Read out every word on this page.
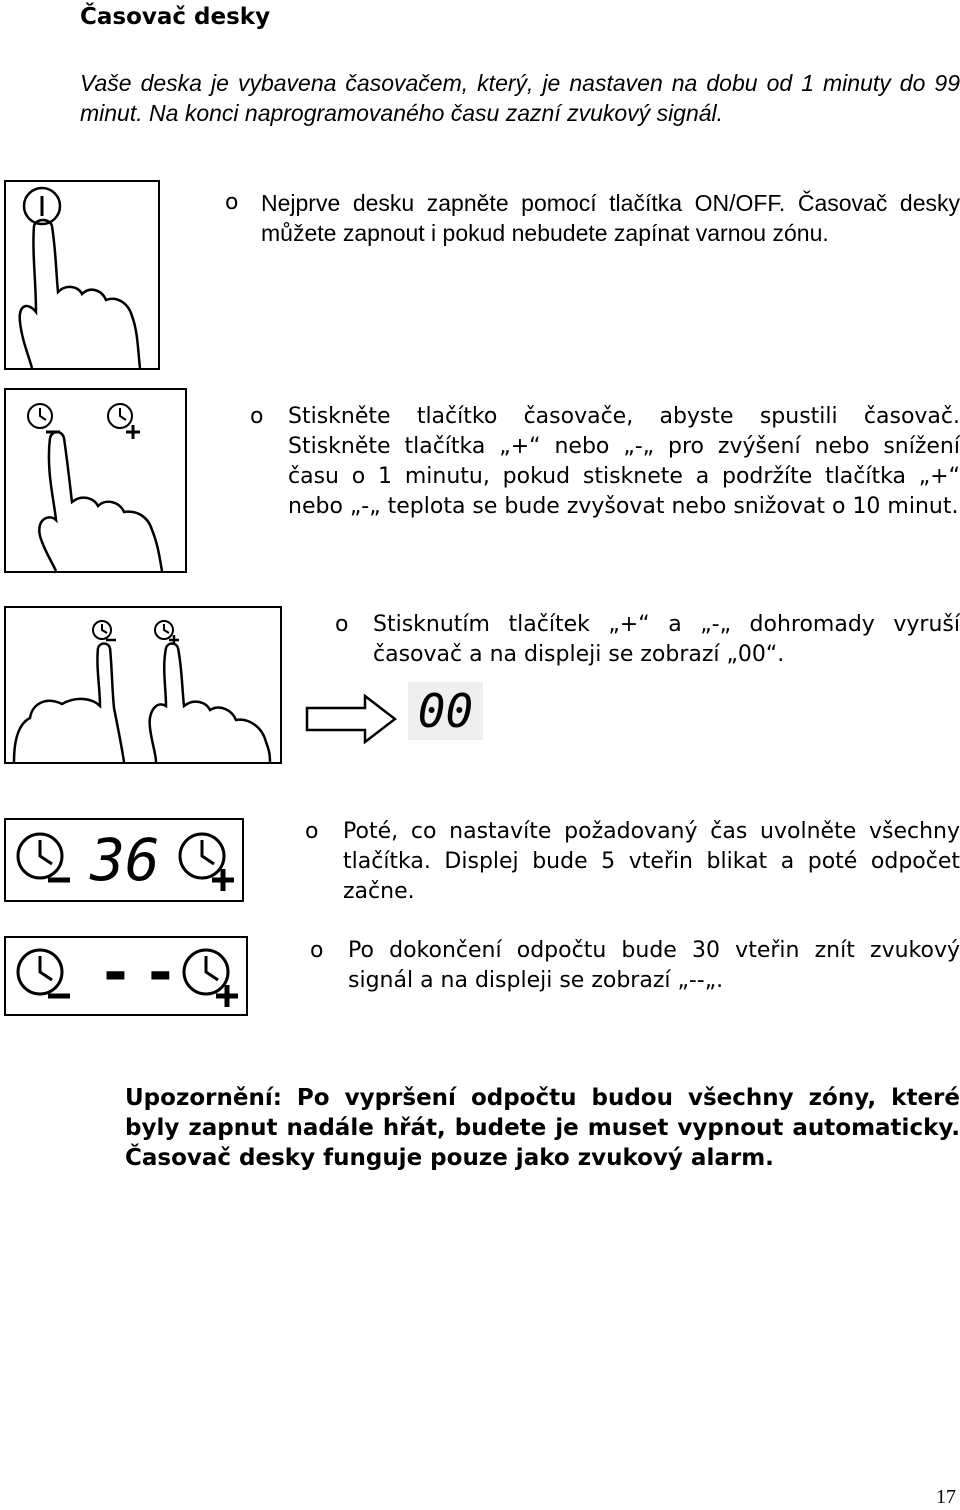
Časovač desky
Vaše deska je vybavena časovačem, který, je nastaven na dobu od 1 minuty do 99 minut. Na konci naprogramovaného času zazní zvukový signál.
o Nejprve desku zapněte pomocí tlačítka ON/OFF. Časovač desky můžete zapnout i pokud nebudete zapínat varnou zónu.
o Stiskněte tlačítko časovače, abyste spustili časovač. Stiskněte tlačítka „+“ nebo „-„ pro zvýšení nebo snížení času o 1 minutu, pokud stisknete a podržíte tlačítka „+“ nebo „-„ teplota se bude zvyšovat nebo snižovat o 10 minut.
o Stisknutím tlačítek „+“ a „-„ dohromady vyruší časovač a na displeji se zobrazí „00“.
00
36	o Poté, co nastavíte požadovaný čas uvolněte všechny tlačítka. Displej bude 5 vteřin blikat a poté odpočet začne.
--	o Po dokončení odpočtu bude 30 vteřin znít zvukový signál a na displeji se zobrazí „--„.
Upozornění: Po vypršení odpočtu budou všechny zóny, které byly zapnut nadále hřát, budete je muset vypnout automaticky. Časovač desky funguje pouze jako zvukový alarm.
17
